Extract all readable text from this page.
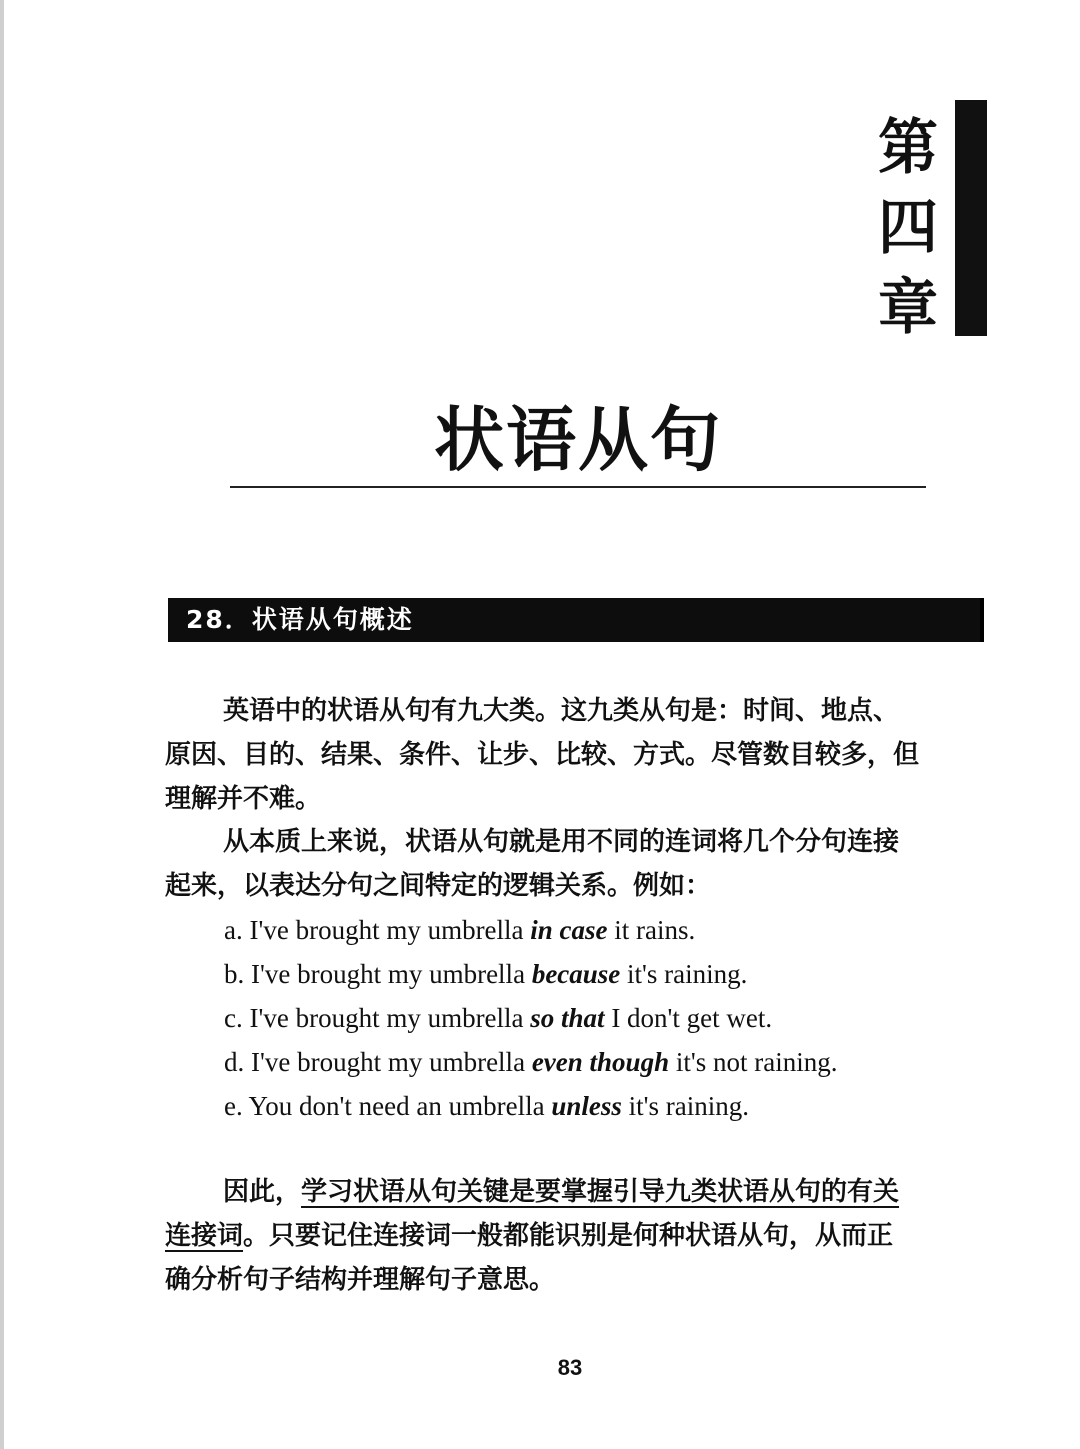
第
四
章
状语从句
28．状语从句概述
英语中的状语从句有九大类。这九类从句是：时间、地点、
原因、目的、结果、条件、让步、比较、方式。尽管数目较多，但
理解并不难。
从本质上来说，状语从句就是用不同的连词将几个分句连接
起来，以表达分句之间特定的逻辑关系。例如：
a. I've brought my umbrella in case it rains.
b. I've brought my umbrella because it's raining.
c. I've brought my umbrella so that I don't get wet.
d. I've brought my umbrella even though it's not raining.
e. You don't need an umbrella unless it's raining.
因此，学习状语从句关键是要掌握引导九类状语从句的有关
连接词。只要记住连接词一般都能识别是何种状语从句，从而正
确分析句子结构并理解句子意思。
83
